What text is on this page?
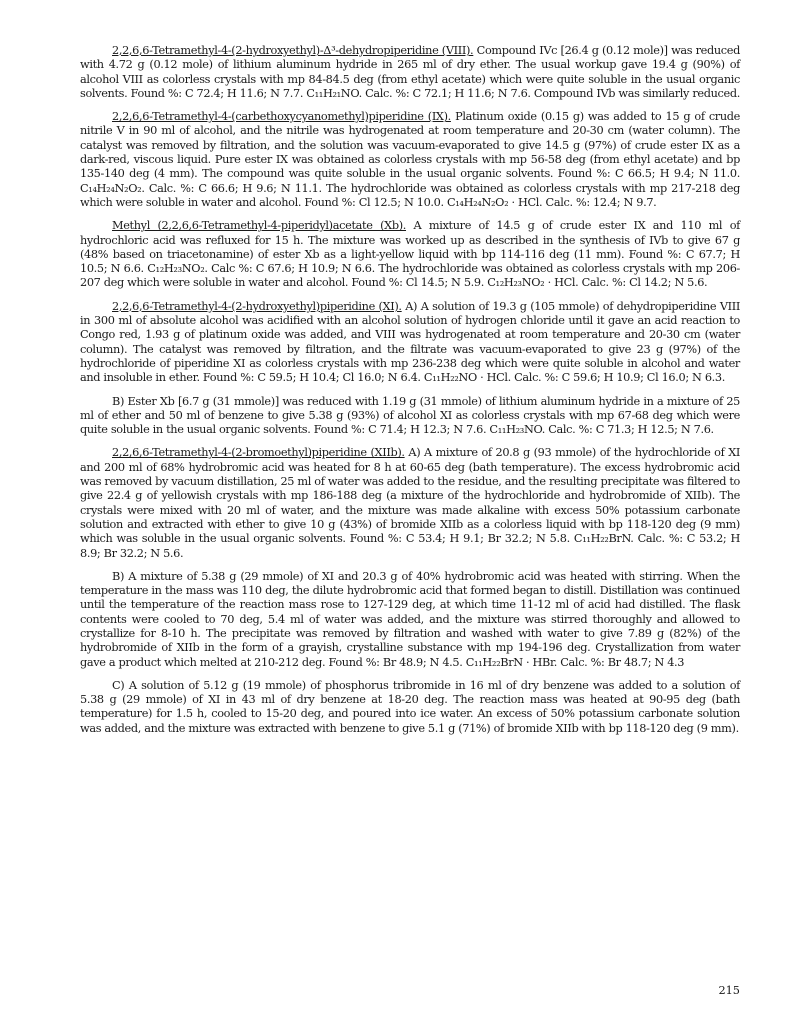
2,2,6,6-Tetramethyl-4-(2-hydroxyethyl)-Δ³-dehydropiperidine (VIII). Compound IVc [26.4 g (0.12 mole)] was reduced with 4.72 g (0.12 mole) of lithium aluminum hydride in 265 ml of dry ether. The usual workup gave 19.4 g (90%) of alcohol VIII as colorless crystals with mp 84-84.5 deg (from ethyl acetate) which were quite soluble in the usual organic solvents. Found %: C 72.4; H 11.6; N 7.7. C₁₁H₂₁NO. Calc. %: C 72.1; H 11.6; N 7.6. Compound IVb was similarly reduced.

2,2,6,6-Tetramethyl-4-(carbethoxycyanomethyl)piperidine (IX). Platinum oxide (0.15 g) was added to 15 g of crude nitrile V in 90 ml of alcohol, and the nitrile was hydrogenated at room temperature and 20-30 cm (water column). The catalyst was removed by filtration, and the solution was vacuum-evaporated to give 14.5 g (97%) of crude ester IX as a dark-red, viscous liquid. Pure ester IX was obtained as colorless crystals with mp 56-58 deg (from ethyl acetate) and bp 135-140 deg (4 mm). The compound was quite soluble in the usual organic solvents. Found %: C 66.5; H 9.4; N 11.0. C₁₄H₂₄N₂O₂. Calc. %: C 66.6; H 9.6; N 11.1. The hydrochloride was obtained as colorless crystals with mp 217-218 deg which were soluble in water and alcohol. Found %: Cl 12.5; N 10.0. C₁₄H₂₄N₂O₂ · HCl. Calc. %: 12.4; N 9.7.

Methyl (2,2,6,6-Tetramethyl-4-piperidyl)acetate (Xb). A mixture of 14.5 g of crude ester IX and 110 ml of hydrochloric acid was refluxed for 15 h. The mixture was worked up as described in the synthesis of IVb to give 67 g (48% based on triacetonamine) of ester Xb as a light-yellow liquid with bp 114-116 deg (11 mm). Found %: C 67.7; H 10.5; N 6.6. C₁₂H₂₃NO₂. Calc %: C 67.6; H 10.9; N 6.6. The hydrochloride was obtained as colorless crystals with mp 206-207 deg which were soluble in water and alcohol. Found %: Cl 14.5; N 5.9. C₁₂H₂₃NO₂ · HCl. Calc. %: Cl 14.2; N 5.6.

2,2,6,6-Tetramethyl-4-(2-hydroxyethyl)piperidine (XI). A) A solution of 19.3 g (105 mmole) of dehydropiperidine VIII in 300 ml of absolute alcohol was acidified with an alcohol solution of hydrogen chloride until it gave an acid reaction to Congo red, 1.93 g of platinum oxide was added, and VIII was hydrogenated at room temperature and 20-30 cm (water column). The catalyst was removed by filtration, and the filtrate was vacuum-evaporated to give 23 g (97%) of the hydrochloride of piperidine XI as colorless crystals with mp 236-238 deg which were quite soluble in alcohol and water and insoluble in ether. Found %: C 59.5; H 10.4; Cl 16.0; N 6.4. C₁₁H₂₂NO · HCl. Calc. %: C 59.6; H 10.9; Cl 16.0; N 6.3.

B) Ester Xb [6.7 g (31 mmole)] was reduced with 1.19 g (31 mmole) of lithium aluminum hydride in a mixture of 25 ml of ether and 50 ml of benzene to give 5.38 g (93%) of alcohol XI as colorless crystals with mp 67-68 deg which were quite soluble in the usual organic solvents. Found %: C 71.4; H 12.3; N 7.6. C₁₁H₂₃NO. Calc. %: C 71.3; H 12.5; N 7.6.

2,2,6,6-Tetramethyl-4-(2-bromoethyl)piperidine (XIIb). A) A mixture of 20.8 g (93 mmole) of the hydrochloride of XI and 200 ml of 68% hydrobromic acid was heated for 8 h at 60-65 deg (bath temperature). The excess hydrobromic acid was removed by vacuum distillation, 25 ml of water was added to the residue, and the resulting precipitate was filtered to give 22.4 g of yellowish crystals with mp 186-188 deg (a mixture of the hydrochloride and hydrobromide of XIIb). The crystals were mixed with 20 ml of water, and the mixture was made alkaline with excess 50% potassium carbonate solution and extracted with ether to give 10 g (43%) of bromide XIIb as a colorless liquid with bp 118-120 deg (9 mm) which was soluble in the usual organic solvents. Found %: C 53.4; H 9.1; Br 32.2; N 5.8. C₁₁H₂₂BrN. Calc. %: C 53.2; H 8.9; Br 32.2; N 5.6.

B) A mixture of 5.38 g (29 mmole) of XI and 20.3 g of 40% hydrobromic acid was heated with stirring. When the temperature in the mass was 110 deg, the dilute hydrobromic acid that formed began to distill. Distillation was continued until the temperature of the reaction mass rose to 127-129 deg, at which time 11-12 ml of acid had distilled. The flask contents were cooled to 70 deg, 5.4 ml of water was added, and the mixture was stirred thoroughly and allowed to crystallize for 8-10 h. The precipitate was removed by filtration and washed with water to give 7.89 g (82%) of the hydrobromide of XIIb in the form of a grayish, crystalline substance with mp 194-196 deg. Crystallization from water gave a product which melted at 210-212 deg. Found %: Br 48.9; N 4.5. C₁₁H₂₂BrN · HBr. Calc. %: Br 48.7; N 4.3

C) A solution of 5.12 g (19 mmole) of phosphorus tribromide in 16 ml of dry benzene was added to a solution of 5.38 g (29 mmole) of XI in 43 ml of dry benzene at 18-20 deg. The reaction mass was heated at 90-95 deg (bath temperature) for 1.5 h, cooled to 15-20 deg, and poured into ice water. An excess of 50% potassium carbonate solution was added, and the mixture was extracted with benzene to give 5.1 g (71%) of bromide XIIb with bp 118-120 deg (9 mm).

215
